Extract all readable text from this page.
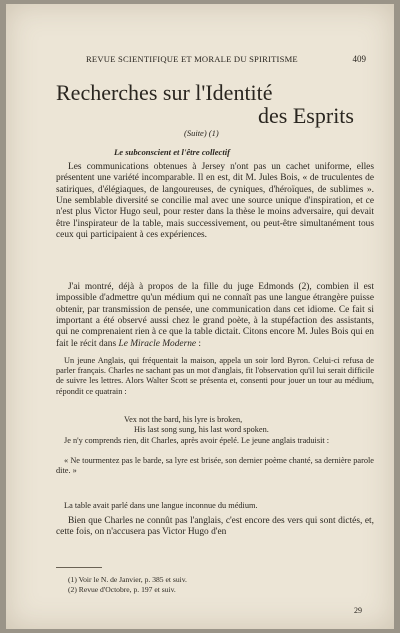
REVUE SCIENTIFIQUE ET MORALE DU SPIRITISME	409
Recherches sur l'Identité
des Esprits
(Suite) (1)
Le subconscient et l'être collectif

Les communications obtenues à Jersey n'ont pas un cachet uniforme, elles présentent une variété incomparable. Il en est, dit M. Jules Bois, « de truculentes de satiriques, d'élégiaques, de langoureuses, de cyniques, d'héroïques, de sublimes ». Une semblable diversité se concilie mal avec une source unique d'inspiration, et ce n'est plus Victor Hugo seul, pour rester dans la thèse le moins adversaire, qui devait être l'inspirateur de la table, mais successivement, ou peut-être simultanément tous ceux qui participaient à ces expériences.

J'ai montré, déjà à propos de la fille du juge Edmonds (2), combien il est impossible d'admettre qu'un médium qui ne connaît pas une langue étrangère puisse obtenir, par transmission de pensée, une communication dans cet idiome. Ce fait si important a été observé aussi chez le grand poète, à la stupéfaction des assistants, qui ne comprenaient rien à ce que la table dictait. Citons encore M. Jules Bois qui en fait le récit dans Le Miracle Moderne :

Un jeune Anglais, qui fréquentait la maison, appela un soir lord Byron. Celui-ci refusa de parler français. Charles ne sachant pas un mot d'anglais, fit l'observation qu'il lui serait difficile de suivre les lettres. Alors Walter Scott se présenta et, consenti pour jouer un tour au médium, répondit ce quatrain :

Vex not the bard, his lyre is broken,
His last song sung, his last word spoken.

Je n'y comprends rien, dit Charles, après avoir épelé. Le jeune anglais traduisit :

« Ne tourmentez pas le barde, sa lyre est brisée, son dernier poème chanté, sa dernière parole dite. »

La table avait parlé dans une langue inconnue du médium.

Bien que Charles ne connût pas l'anglais, c'est encore des vers qui sont dictés, et, cette fois, on n'accusera pas Victor Hugo d'en

(1) Voir le N. de Janvier, p. 385 et suiv.
(2) Revue d'Octobre, p. 197 et suiv.
29
